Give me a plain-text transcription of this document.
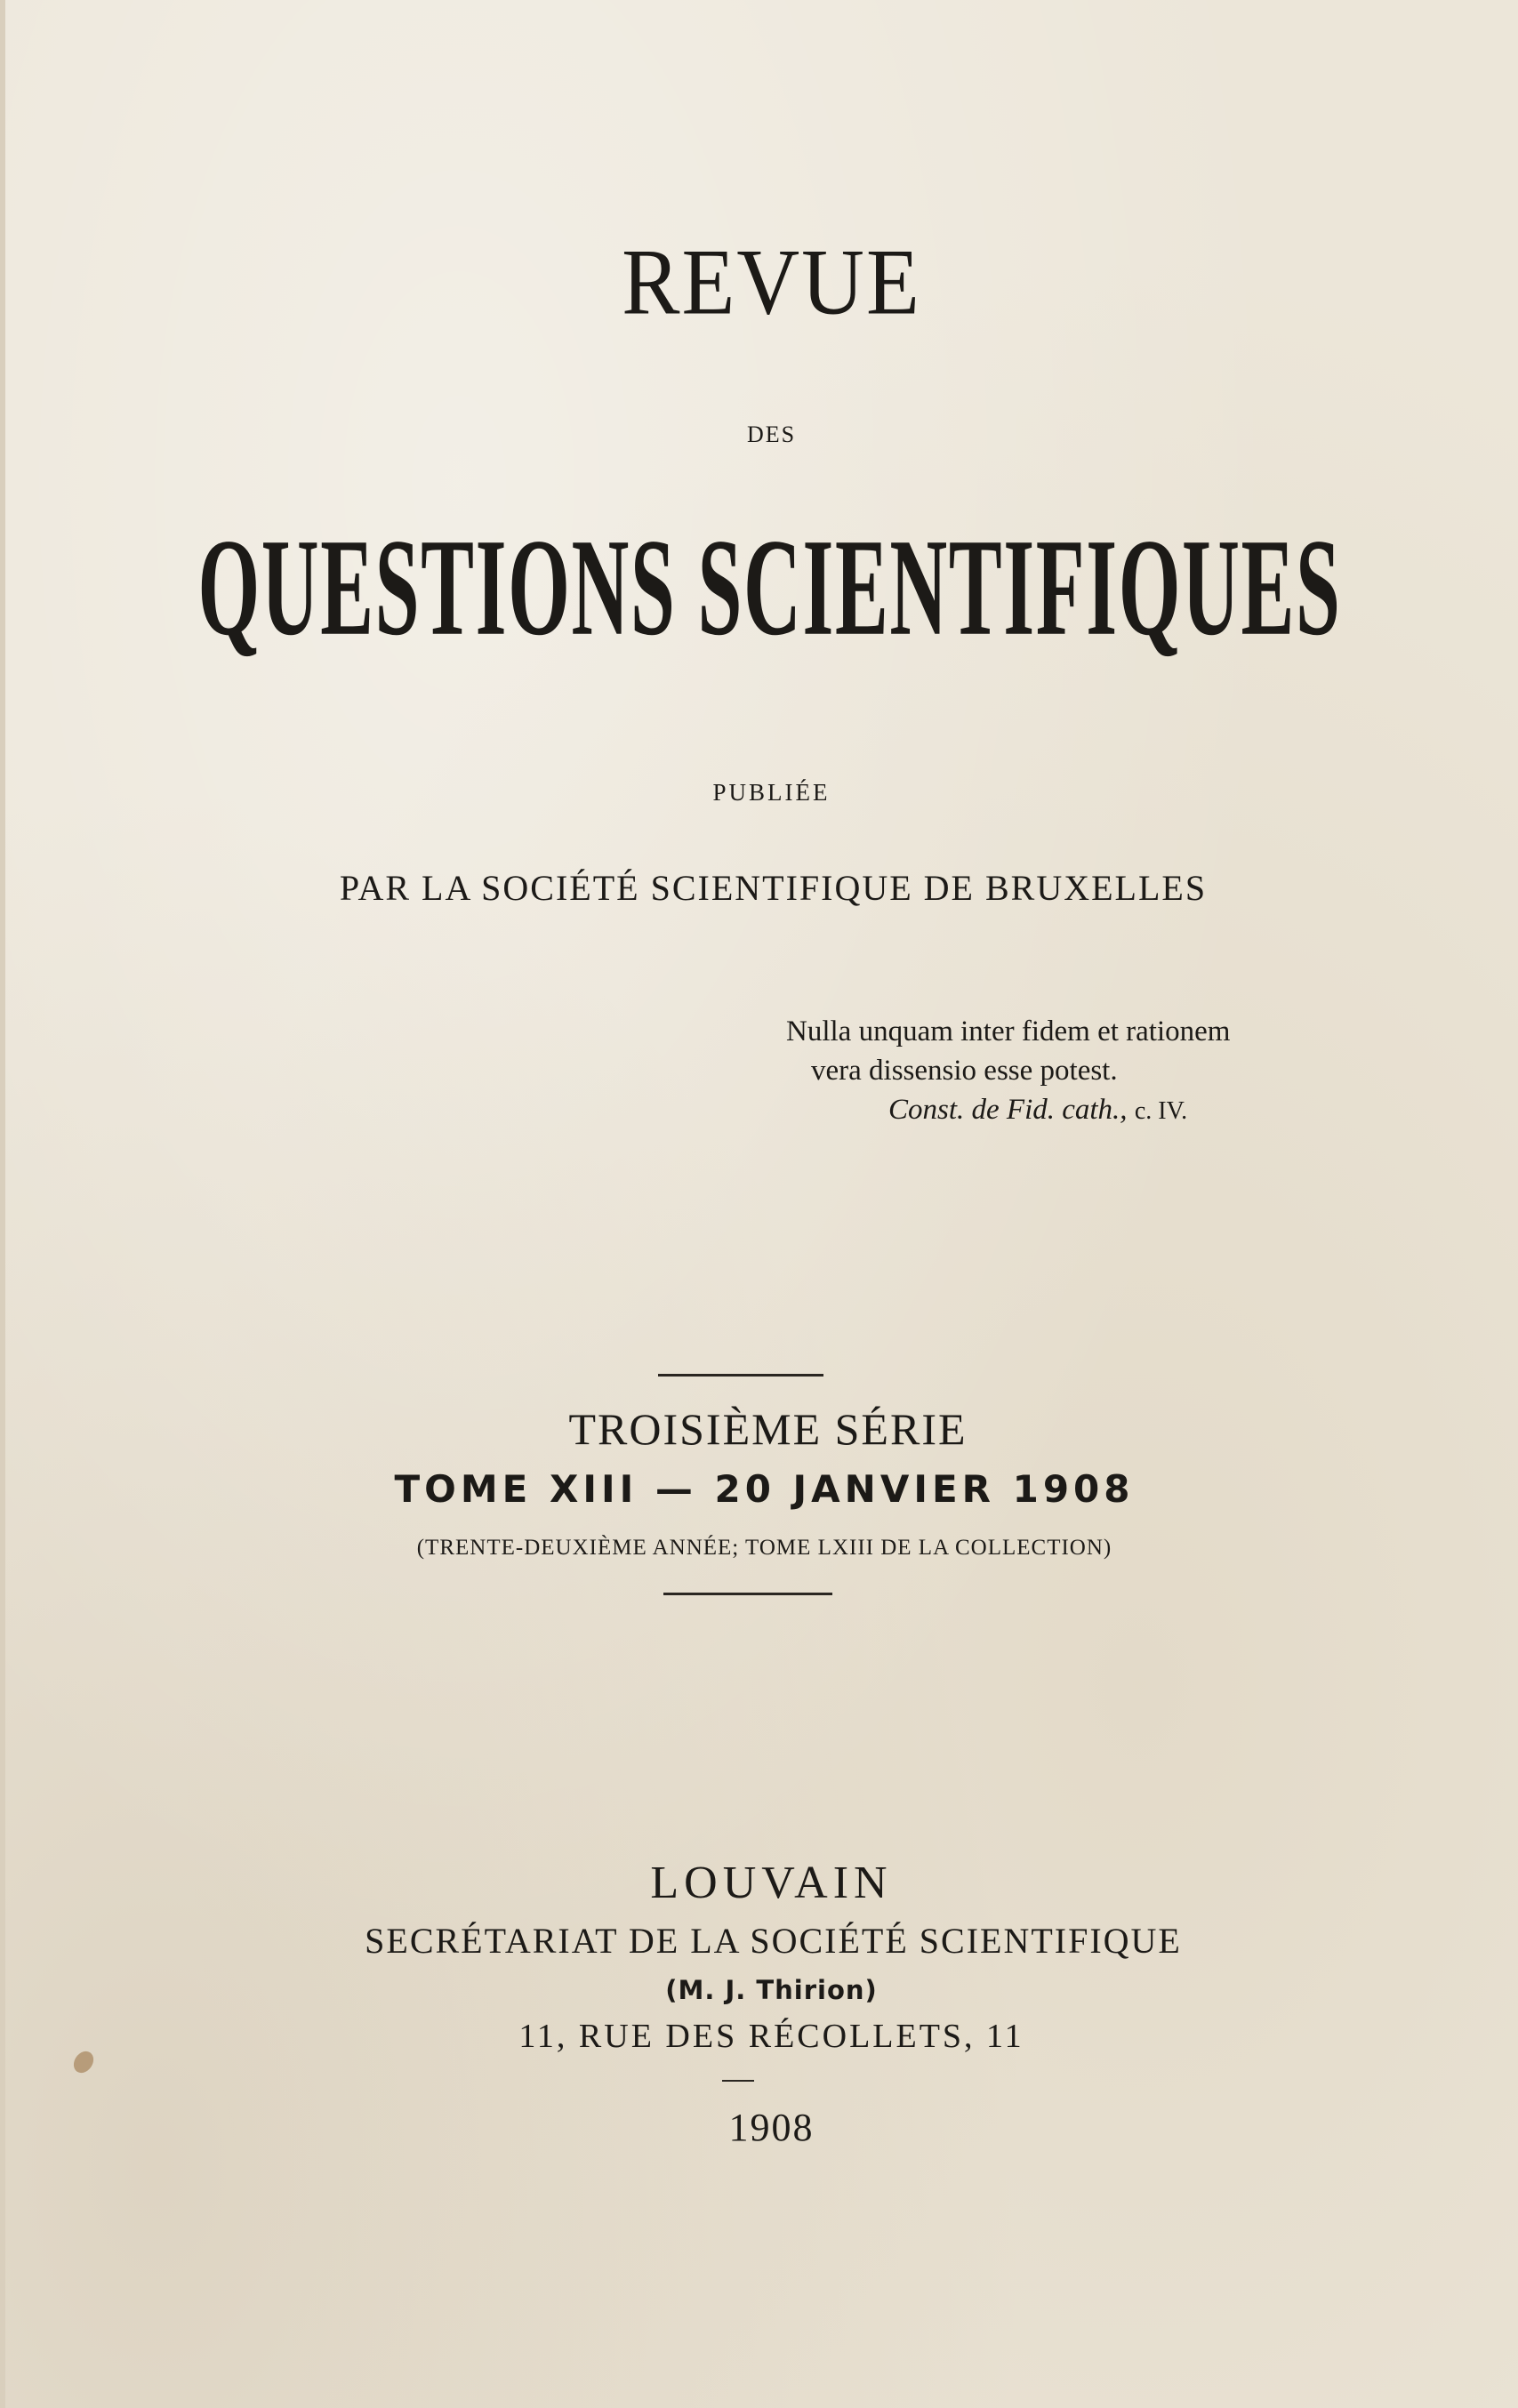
REVUE
DES
QUESTIONS SCIENTIFIQUES
PUBLIÉE
PAR LA SOCIÉTÉ SCIENTIFIQUE DE BRUXELLES
Nulla unquam inter fidem et rationem
vera dissensio esse potest.
Const. de Fid. cath., c. IV.
TROISIÈME SÉRIE
TOME XIII — 20 JANVIER 1908
(TRENTE-DEUXIÈME ANNÉE; TOME LXIII DE LA COLLECTION)
LOUVAIN
SECRÉTARIAT DE LA SOCIÉTÉ SCIENTIFIQUE
(M. J. Thirion)
11, RUE DES RÉCOLLETS, 11
1908
